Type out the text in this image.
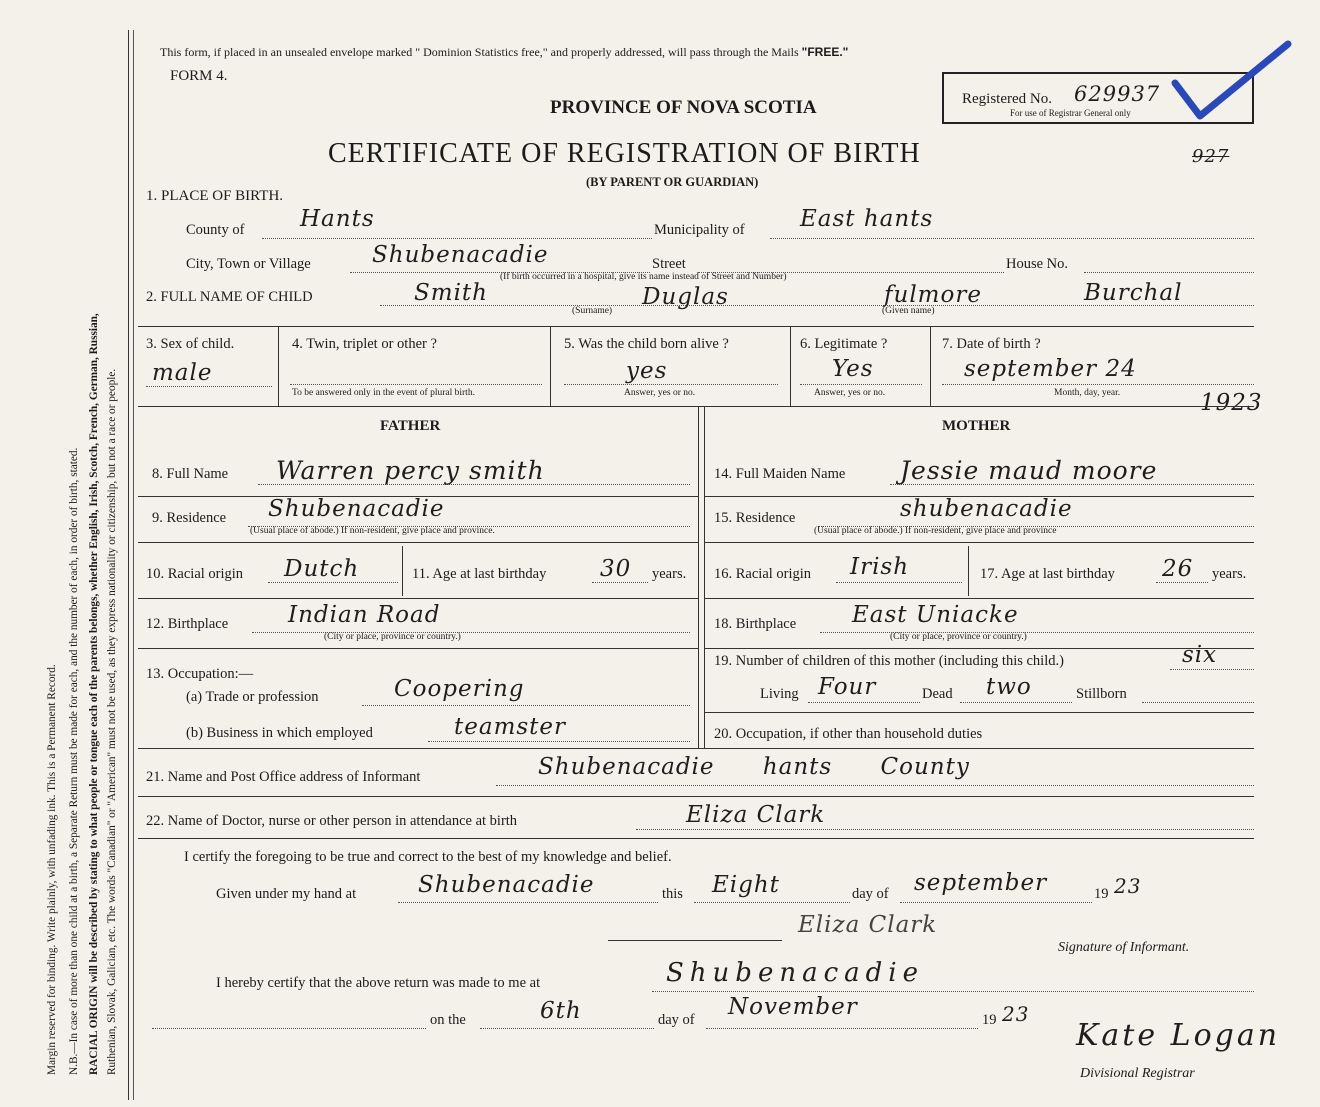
Margin reserved for binding. Write plainly, with unfading ink. This is a Permanent Record. N.B.—In case of more than one child at a birth, a Separate Return must be made for each, and the number of each, in order of birth, stated. RACIAL ORIGIN will be described by stating to what people or tongue each of the parents belongs, whether English, Irish, Scotch, French, German, Russian, Ruthenian, Slovak, Galician, etc. The words "Canadian" or "American" must not be used, as they express nationality or citizenship, but not a race or people.
This form, if placed in an unsealed envelope marked " Dominion Statistics free," and properly addressed, will pass through the Mails "FREE."
FORM 4.
PROVINCE OF NOVA SCOTIA
CERTIFICATE OF REGISTRATION OF BIRTH
(BY PARENT OR GUARDIAN)
Registered No. 629937
For use of Registrar General only
927
1. PLACE OF BIRTH.
County of Hants	Municipality of East hants
City, Town or Village	Shubenacadie	Street	House No.
(If birth occurred in a hospital, give its name instead of Street and Number)
2. FULL NAME OF CHILD	Smith
(Surname)
Duglas	fulmore
(Given name)
Burchal
3. Sex of child.
male
4. Twin, triplet or other ?
To be answered only in the event of plural birth.
5. Was the child born alive ?
yes
Answer, yes or no.
6. Legitimate ?
Yes
Answer, yes or no.
7. Date of birth ?
september 24
Month, day, year.	1923
FATHER	MOTHER
8. Full Name Warren percy smith
9. Residence Shubenacadie
(Usual place of abode.) If non-resident, give place and province.
10. Racial origin Dutch	11. Age at last birthday 30 years.
12. Birthplace	Indian Road
(City or place, province or country.)
13. Occupation:—
(a) Trade or profession	Coopering
(b) Business in which employed	teamster
14. Full Maiden Name Jessie maud moore
15. Residence	shubenacadie
(Usual place of abode.) If non-resident, give place and province
16. Racial origin Irish	17. Age at last birthday 26 years.
18. Birthplace East Uniacke
(City or place, province or country.)
19. Number of children of this mother (including this child.)	six
Living Four	Dead two	Stillborn
20. Occupation, if other than household duties
21. Name and Post Office address of Informant	Shubenacadie hants County
22. Name of Doctor, nurse or other person in attendance at birth	Eliza Clark
I certify the foregoing to be true and correct to the best of my knowledge and belief.
Given under my hand at	Shubenacadie	this Eight	day of september	19 23
Eliza Clark
Signature of Informant.
I hereby certify that the above return was made to me at	Shubenacadie
on the	6th	day of November	19 23
Kate Logan
Divisional Registrar
